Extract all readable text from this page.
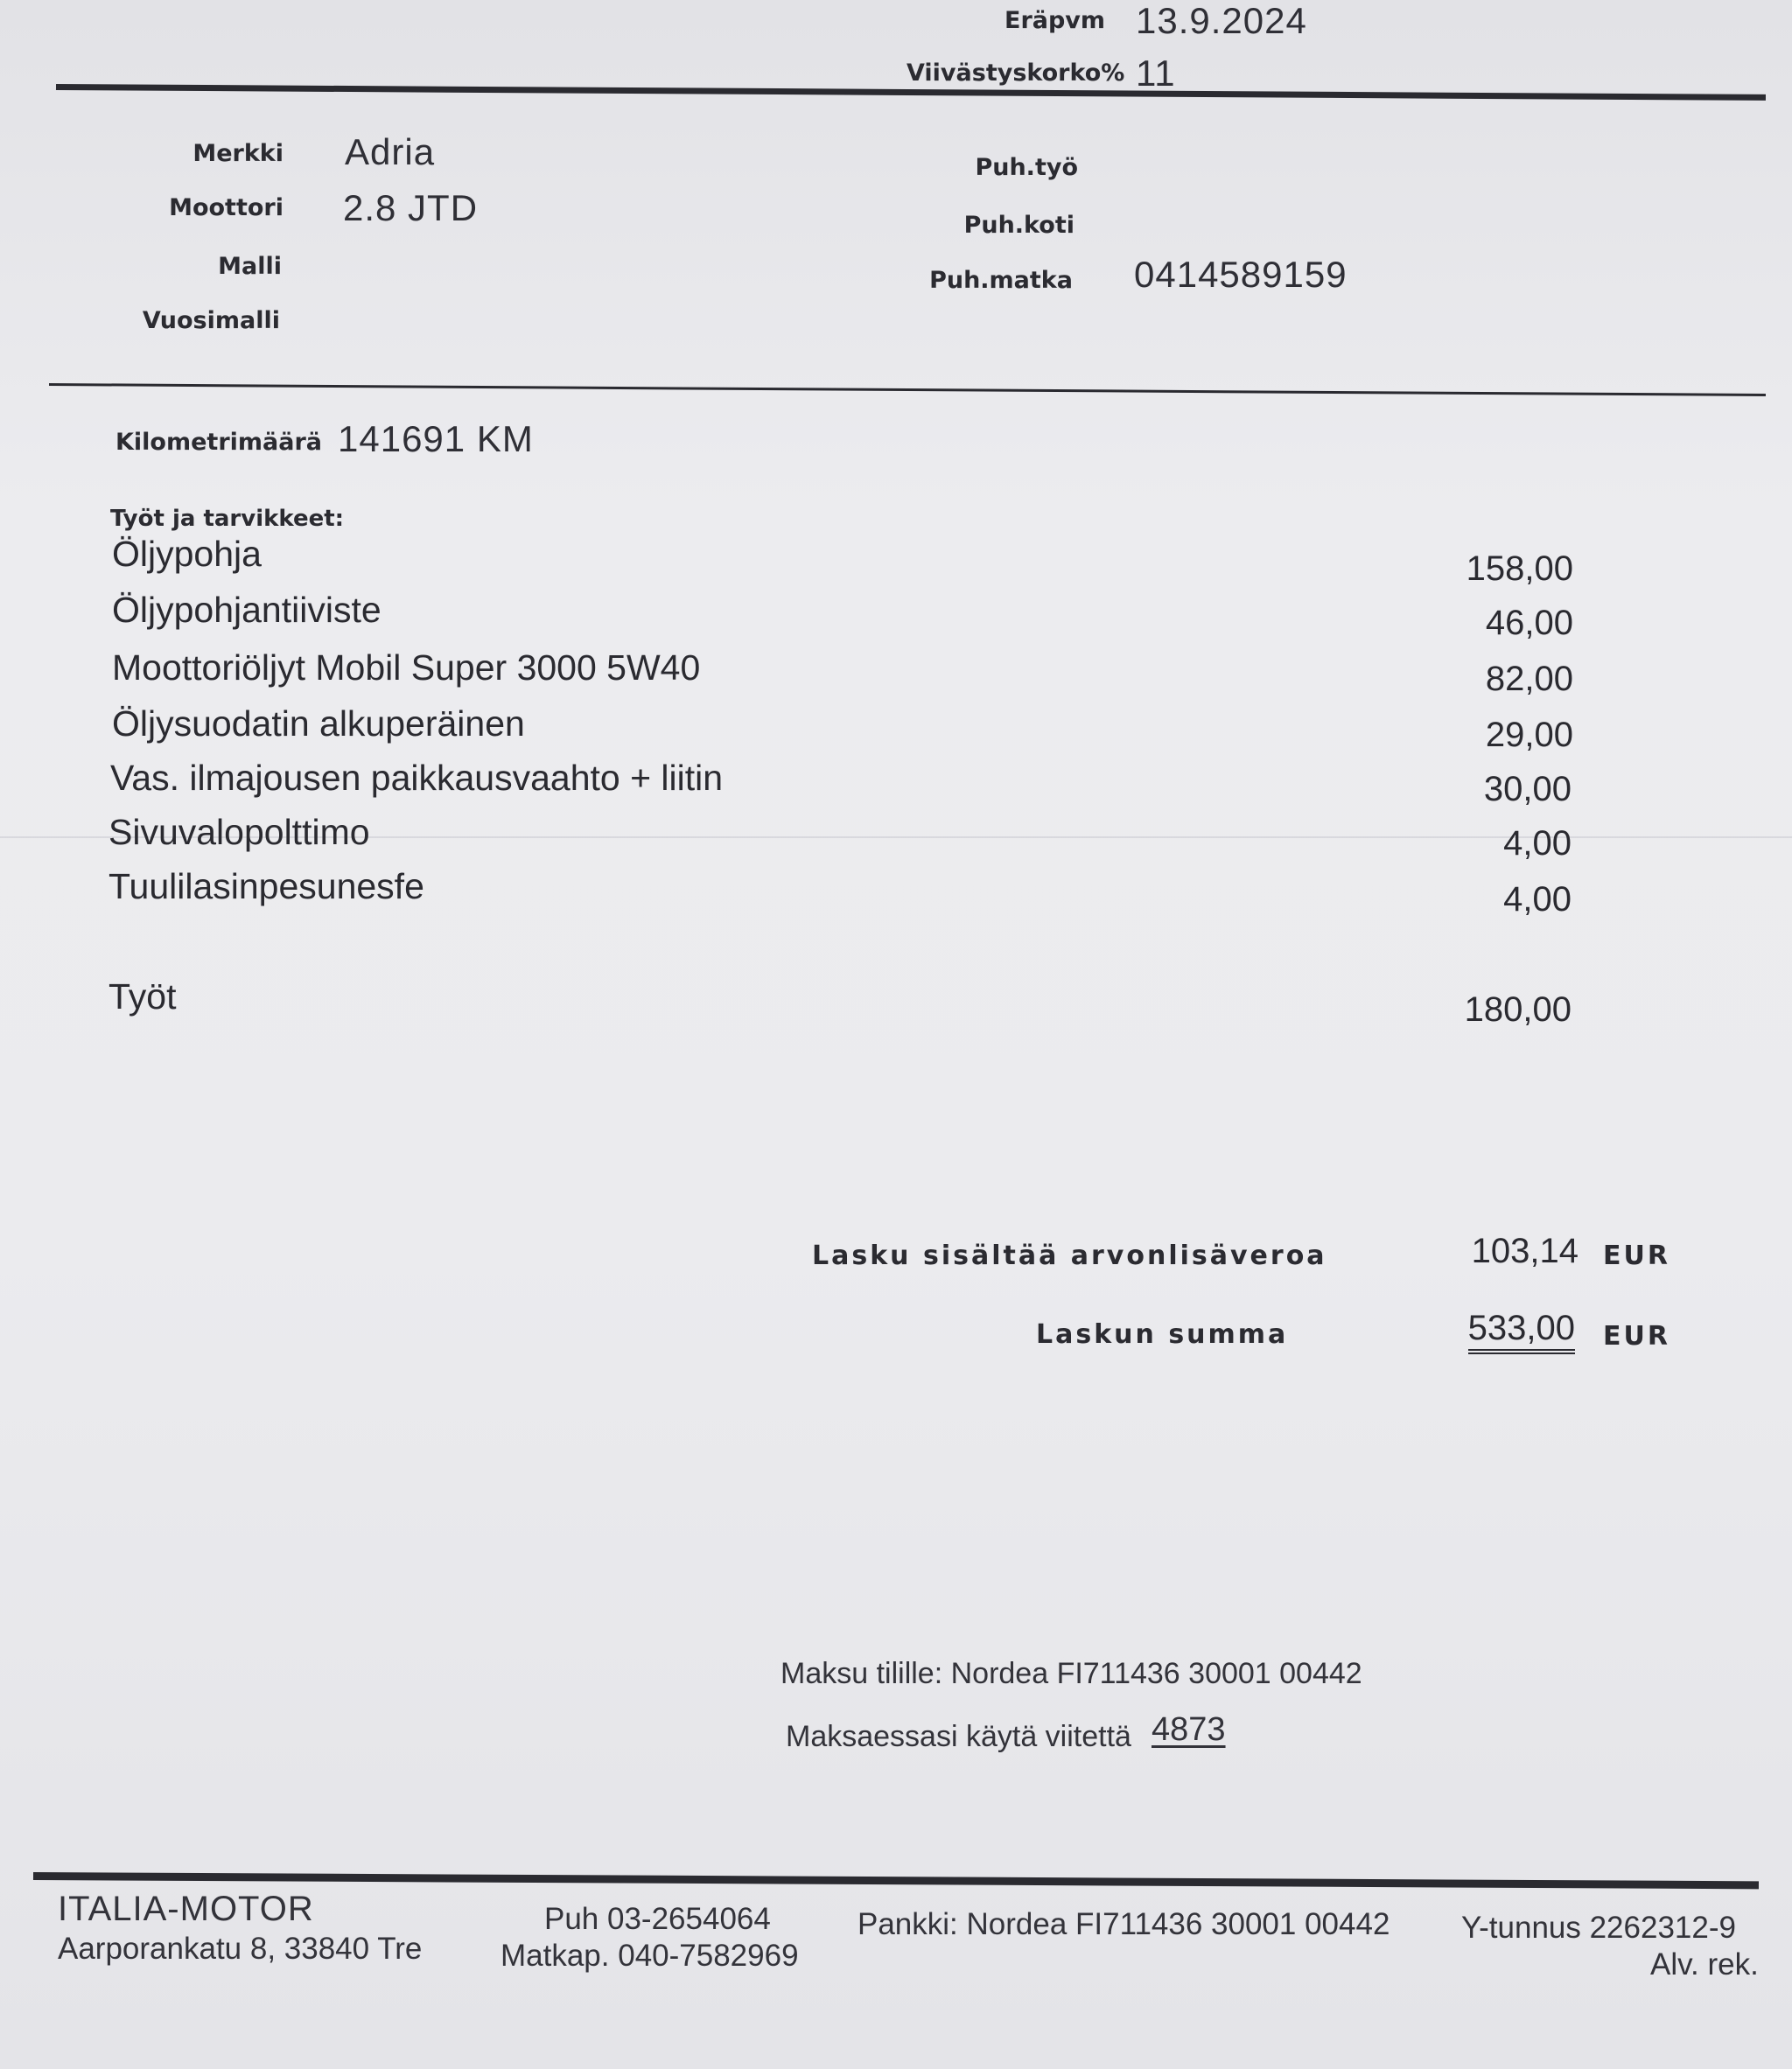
Eräpvm 13.9.2024
Viivästyskorko% 11
Merkki Adria
Moottori 2.8 JTD
Malli
Vuosimalli
Puh.työ
Puh.koti
Puh.matka 0414589159
Kilometrimäärä 141691 KM
Työt ja tarvikkeet:
Öljypohja	158,00
Öljypohjantiiviste	46,00
Moottoriöljyt Mobil Super 3000 5W40	82,00
Öljysuodatin alkuperäinen	29,00
Vas. ilmajousen paikkausvaahto + liitin	30,00
Sivuvalopolttimo	4,00
Tuulilasinpesunesfe	4,00
Työt	180,00
Lasku sisältää arvonlisäveroa	103,14 EUR
Laskun summa	533,00 EUR
Maksu tilille: Nordea FI711436 30001 00442
Maksaessasi käytä viitettä 4873
ITALIA-MOTOR
Aarporankatu 8, 33840 Tre
Puh 03-2654064
Matkap. 040-7582969
Pankki: Nordea FI711436 30001 00442 Y-tunnus 2262312-9
Alv. rek.
